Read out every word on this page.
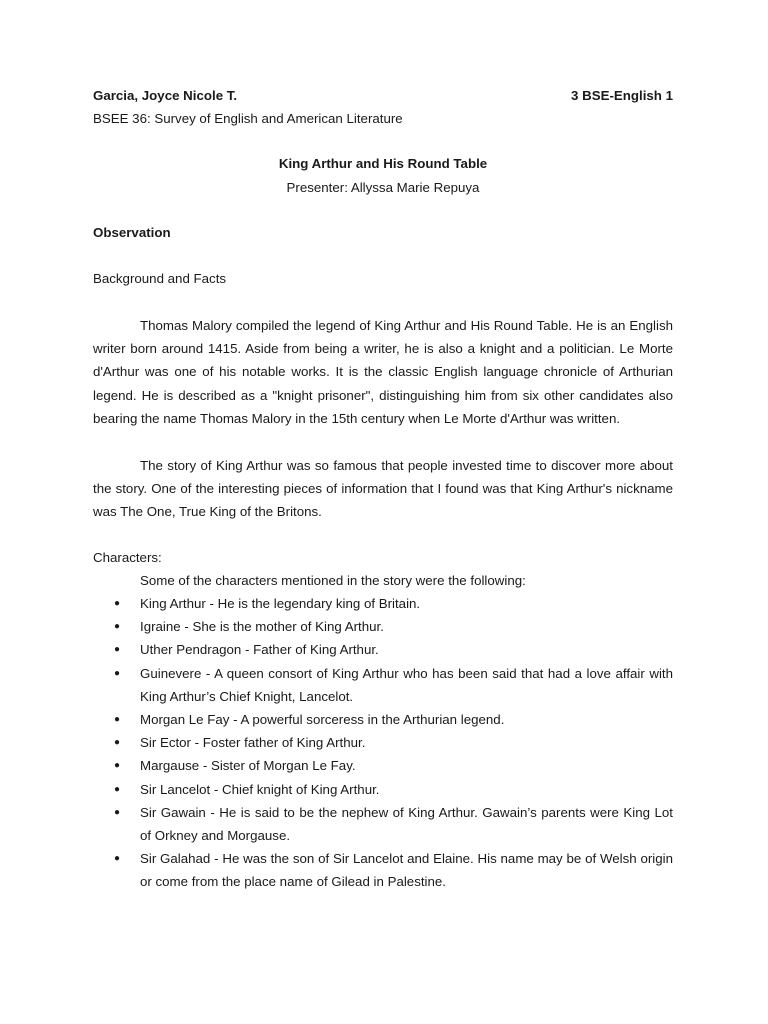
Garcia, Joyce Nicole T.	3 BSE-English 1
BSEE 36: Survey of English and American Literature
King Arthur and His Round Table
Presenter: Allyssa Marie Repuya
Observation
Background and Facts

Thomas Malory compiled the legend of King Arthur and His Round Table. He is an English writer born around 1415. Aside from being a writer, he is also a knight and a politician. Le Morte d'Arthur was one of his notable works. It is the classic English language chronicle of Arthurian legend. He is described as a "knight prisoner", distinguishing him from six other candidates also bearing the name Thomas Malory in the 15th century when Le Morte d'Arthur was written.

The story of King Arthur was so famous that people invested time to discover more about the story. One of the interesting pieces of information that I found was that King Arthur's nickname was The One, True King of the Britons.

Characters:
Some of the characters mentioned in the story were the following:
● King Arthur - He is the legendary king of Britain.
● Igraine - She is the mother of King Arthur.
● Uther Pendragon - Father of King Arthur.
● Guinevere - A queen consort of King Arthur who has been said that had a love affair with King Arthur’s Chief Knight, Lancelot.
● Morgan Le Fay - A powerful sorceress in the Arthurian legend.
● Sir Ector - Foster father of King Arthur.
● Margause - Sister of Morgan Le Fay.
● Sir Lancelot - Chief knight of King Arthur.
● Sir Gawain - He is said to be the nephew of King Arthur. Gawain’s parents were King Lot of Orkney and Morgause.
● Sir Galahad - He was the son of Sir Lancelot and Elaine. His name may be of Welsh origin or come from the place name of Gilead in Palestine.
